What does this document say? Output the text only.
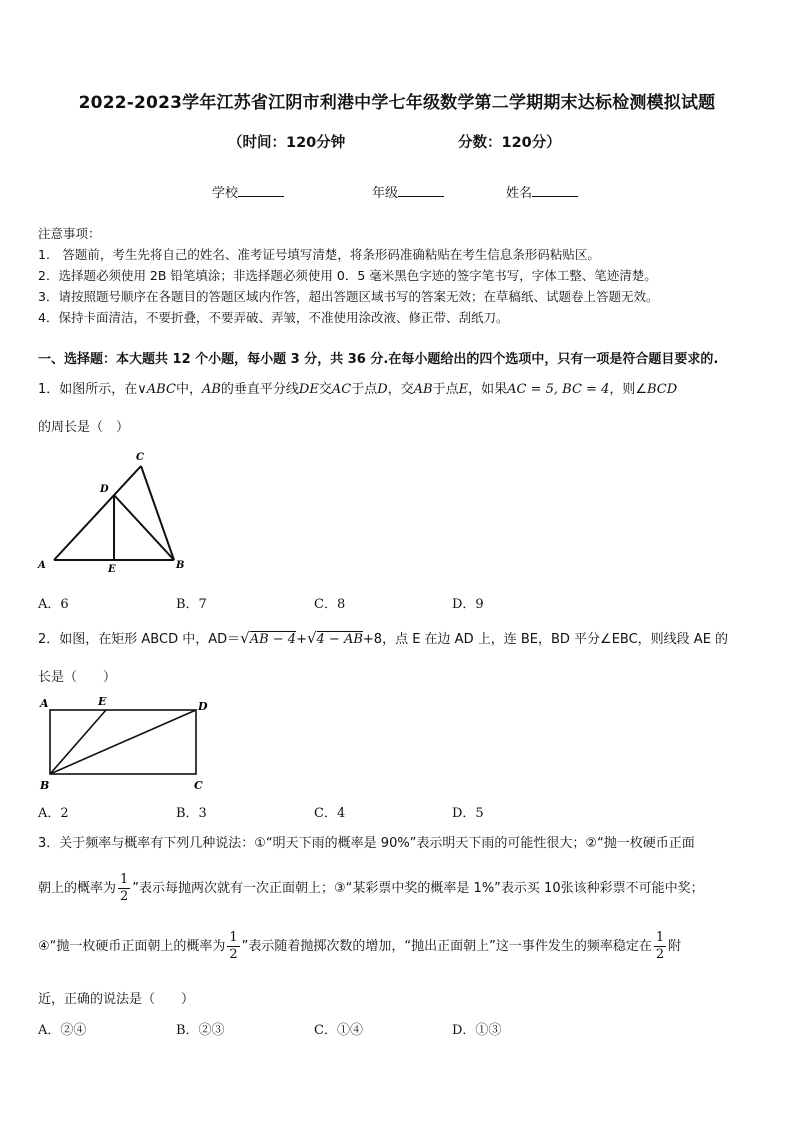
2022-2023学年江苏省江阴市利港中学七年级数学第二学期期末达标检测模拟试题
（时间：120分钟	分数：120分）
学校	年级	姓名
注意事项：
1.　答题前，考生先将自己的姓名、准考证号填写清楚，将条形码准确粘贴在考生信息条形码粘贴区。
2．选择题必须使用 2B 铅笔填涂；非选择题必须使用 0．5 毫米黑色字迹的签字笔书写，字体工整、笔迹清楚。
3．请按照题号顺序在各题目的答题区域内作答，超出答题区域书写的答案无效；在草稿纸、试题卷上答题无效。
4．保持卡面清洁，不要折叠，不要弄破、弄皱，不准使用涂改液、修正带、刮纸刀。
一、选择题：本大题共 12 个小题，每小题 3 分，共 36 分.在每小题给出的四个选项中，只有一项是符合题目要求的.
1．如图所示，在∨ABC中，AB的垂直平分线DE交AC于点D，交AB于点E，如果AC = 5, BC = 4，则∠BCD
的周长是（　）
A	B
C
D
E
A．6	B．7	C．8	D．9
2．如图，在矩形 ABCD 中，AD＝√AB − 4+√4 − AB+8，点 E 在边 AD 上，连 BE，BD 平分∠EBC，则线段 AE 的
长是（　　）
A	E	D
B	C
A．2	B．3	C．4	D．5
3．关于频率与概率有下列几种说法：①“明天下雨的概率是 90%”表示明天下雨的可能性很大；②“抛一枚硬币正面
朝上的概率为 $\frac{1}{2}$ ”表示每抛两次就有一次正面朝上；③“某彩票中奖的概率是 1%”表示买 10张该种彩票不可能中奖；
④“抛一枚硬币正面朝上的概率为 $\frac{1}{2}$ ”表示随着抛掷次数的增加，“抛出正面朝上”这一事件发生的频率稳定在 $\frac{1}{2}$ 附
近，正确的说法是（　　）
A．②④	B．②③	C．①④	D．①③
